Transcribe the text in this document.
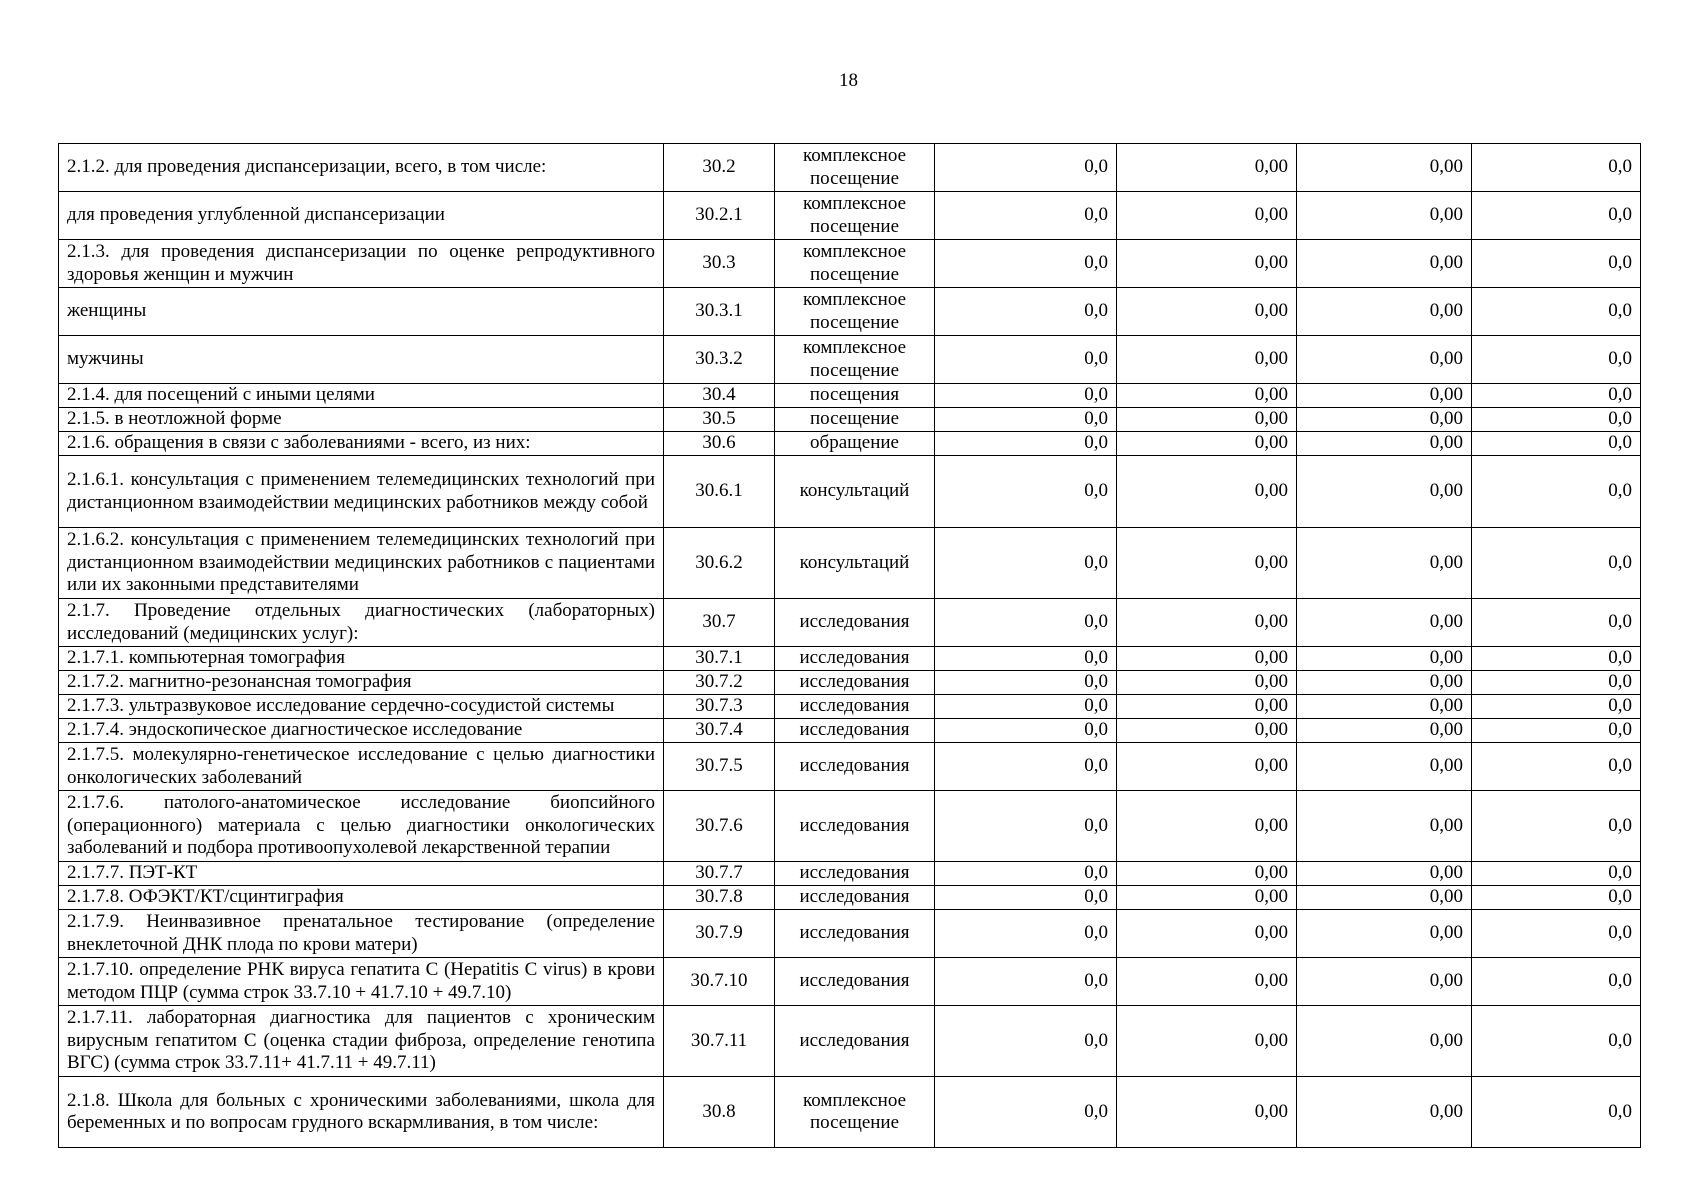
18
2.1.2. для проведения диспансеризации, всего, в том числе:	30.2	комплексное посещение	0,0	0,00	0,00	0,0
для проведения углубленной диспансеризации	30.2.1	комплексное посещение	0,0	0,00	0,00	0,0
2.1.3. для проведения диспансеризации по оценке репродуктивного здоровья женщин и мужчин	30.3	комплексное посещение	0,0	0,00	0,00	0,0
женщины	30.3.1	комплексное посещение	0,0	0,00	0,00	0,0
мужчины	30.3.2	комплексное посещение	0,0	0,00	0,00	0,0
2.1.4. для посещений с иными целями	30.4	посещения	0,0	0,00	0,00	0,0
2.1.5. в неотложной форме	30.5	посещение	0,0	0,00	0,00	0,0
2.1.6. обращения в связи с заболеваниями - всего, из них:	30.6	обращение	0,0	0,00	0,00	0,0
2.1.6.1. консультация с применением телемедицинских технологий при дистанционном взаимодействии медицинских работников между собой	30.6.1	консультаций	0,0	0,00	0,00	0,0
2.1.6.2. консультация с применением телемедицинских технологий при дистанционном взаимодействии медицинских работников с пациентами или их законными представителями	30.6.2	консультаций	0,0	0,00	0,00	0,0
2.1.7. Проведение отдельных диагностических (лабораторных) исследований (медицинских услуг):	30.7	исследования	0,0	0,00	0,00	0,0
2.1.7.1. компьютерная томография	30.7.1	исследования	0,0	0,00	0,00	0,0
2.1.7.2. магнитно-резонансная томография	30.7.2	исследования	0,0	0,00	0,00	0,0
2.1.7.3. ультразвуковое исследование сердечно-сосудистой системы	30.7.3	исследования	0,0	0,00	0,00	0,0
2.1.7.4. эндоскопическое диагностическое исследование	30.7.4	исследования	0,0	0,00	0,00	0,0
2.1.7.5. молекулярно-генетическое исследование с целью диагностики онкологических заболеваний	30.7.5	исследования	0,0	0,00	0,00	0,0
2.1.7.6. патолого-анатомическое исследование биопсийного (операционного) материала с целью диагностики онкологических заболеваний и подбора противоопухолевой лекарственной терапии	30.7.6	исследования	0,0	0,00	0,00	0,0
2.1.7.7. ПЭТ-КТ	30.7.7	исследования	0,0	0,00	0,00	0,0
2.1.7.8. ОФЭКТ/КТ/сцинтиграфия	30.7.8	исследования	0,0	0,00	0,00	0,0
2.1.7.9. Неинвазивное пренатальное тестирование (определение внеклеточной ДНК плода по крови матери)	30.7.9	исследования	0,0	0,00	0,00	0,0
2.1.7.10. определение РНК вируса гепатита С (Hepatitis С virus) в крови методом ПЦР (сумма строк 33.7.10 + 41.7.10 + 49.7.10)	30.7.10	исследования	0,0	0,00	0,00	0,0
2.1.7.11. лабораторная диагностика для пациентов с хроническим вирусным гепатитом С (оценка стадии фиброза, определение генотипа ВГС) (сумма строк 33.7.11+ 41.7.11 + 49.7.11)	30.7.11	исследования	0,0	0,00	0,00	0,0
2.1.8. Школа для больных с хроническими заболеваниями, школа для беременных и по вопросам грудного вскармливания, в том числе:	30.8	комплексное посещение	0,0	0,00	0,00	0,0
